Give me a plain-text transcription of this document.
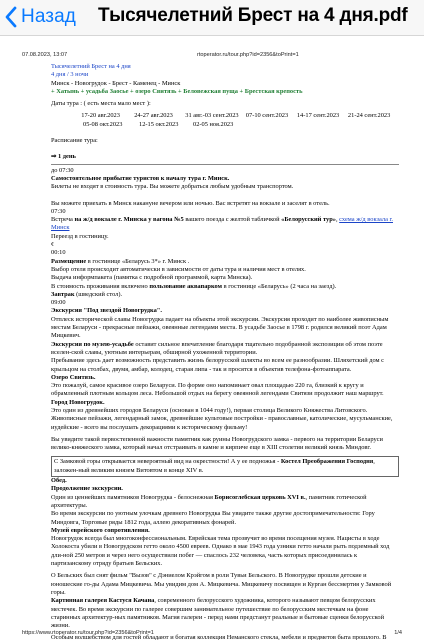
Назад Тысячелетний Брест на 4 дня.pdf
07.08.2023, 13:07	rtoperator.ru/tour.php?id=2356&toPrint=1

Тысячелетний Брест на 4 дня

4 дня / 3 ночи

Минск - Новогрудок - Брест - Каменец - Минск

+ Хатынь + усадьба Заосье + озеро Свитязь + Беловежская пуща + Брестская крепость

Даты тура : ( есть места мало мест ):

17-20 авг.2023	24-27 авг.2023	31 авг.-03 сент.2023	07-10 сент.2023	14-17 сент.2023	21-24 сент.2023
05-08 окт.2023	12-15 окт.2023	02-05 ноя.2023

Расписание тура:

⇒ 1 день

до 07:30

Самостоятельное прибытие туристов к началу тура г. Минск.

Билеты не входят в стоимость тура. Вы можете добраться любым удобным транспортом.

Вы можете приехать в Минск накануне вечером или ночью. Вас встретят на вокзале и заселят в отель.

07:30

Встреча на ж/д вокзале г. Минска у вагона №5 вашего поезда с желтой табличкой «Белорусский тур», схема ж/д вокзала г. Минск

Переезд в гостиницу.

¢

00:10

Размещение в гостинице «Беларусь 3*» г. Минск .

Выбор отеля происходит автоматически в зависимости от даты тура и наличия мест в отелях.

Выдача информпакета (памятка с подробной программой, карта Минска).

В стоимость проживания включено пользование аквапарком в гостинице «Беларусь» (2 часа на заезд).

Завтрак (шведский стол).

09:00

Экскурсия "Под звездой Новогрудка".

Отплеск исторической славы Новогрудка падает на объекты этой экскурсии. Экскурсия проходит по наиболее живописным местам Беларуси - прекрасные пейзажи, овеянные легендами места. В усадьбе Заосье в 1798 г. родился великий поэт Адам Мицкевич.

Экскурсия по музею-усадьбе оставит сильное впечатление благодаря тщательно подобранной экспозиции об этом поэте вселен-ской славы, уютным интерьерам, обширной ухоженной территории.

Пребывание здесь дает возможность представить жизнь белорусской шляхты во всем ее разнообразии. Шляхетский дом с крыльцом на столбах, двумя, амбар, колодец, старая липа - так и просятся в объектив телефона-фотоаппарата.

Озеро Свитязь.

Это пожалуй, самое красивое озеро Беларуси. По форме оно напоминает овал площадью 220 га, близкий к кругу и обрамленный плотным кольцом леса. Небольшой отдых на берегу овеянной легендами Свитязи продолжит наш маршрут.

Город Новогрудок.

Это один из древнейших городов Беларуси (основан в 1044 году!), первая столица Великого Княжества Литовского. Живописные пейзажи, легендарный замок, древнейшие культовые постройки - православные, католические, мусульманские, иудейские - всего вы послушать декорациями к историческому фильму!

Вы увидите такой первостепенной важности памятник как руины Новогрудского замка - первого на территории Беларуси велико-княжеского замка, который начал отстраивать в камне и кирпиче еще в XIII столетии великий князь Миндовг.

С Замковой горы открывается невероятный вид на окрестности! А у ее подножья - Костел Преображения Господня, заложен-ный великим князем Витовтом в конце XIV в.

Обед.

Продолжение экскурсии.

Один из ценнейших памятников Новогрудка - белоснежная Борисоглебская церковь XVI в., памятник готической архитектуры.

Во время экскурсии по уютным улочкам древнего Новогрудка Вы увидите также другие достопримечательности: Гору Миндовга, Торговые ряды 1812 года, аллею декоративных фонарей.

Музей еврейского сопротивления.

Новогрудок всегда был многоконфессиональным. Еврейская тема прозвучит во время посещения музея. Нацисты в ходе Холокоста убили в Новогрудском гетто около 4500 евреев. Однако в мае 1943 года узники гетто начали рыть подземный ход дли-ной 250 метров и через него осуществили побег — спаслось 232 человека, часть которых присоединилась к партизанскому отряду братьев Бельских.

О Бельских был снят фильм "Вызов" с Дэниелом Крэйгом в роли Тувьи Бельского. В Новогрудке прошли детские и юношеские го-ды Адама Мицкевича. Мы увидим дом А. Мицкевича. Мицкевичу посвящен и Курган бессмертия у Замковой горы.

Картинная галерея Кастуся Качана, современного белорусского художника, которого называют певцом белорусских местечек. Во время экскурсии по галерее совершим занимательное путешествие по белорусским местечкам на фоне старинных архитектур-ных памятников. Магия галереи - перед нами предстанут реальные и бытовые сценки белорусской жизни.

Особым волшебством для гостей обладают и богатая коллекция Неманского стекла, мебели и предметов быта прошлого. В

https://www.rtoperator.ru/tour.php?id=2356&toPrint=1	1/4
